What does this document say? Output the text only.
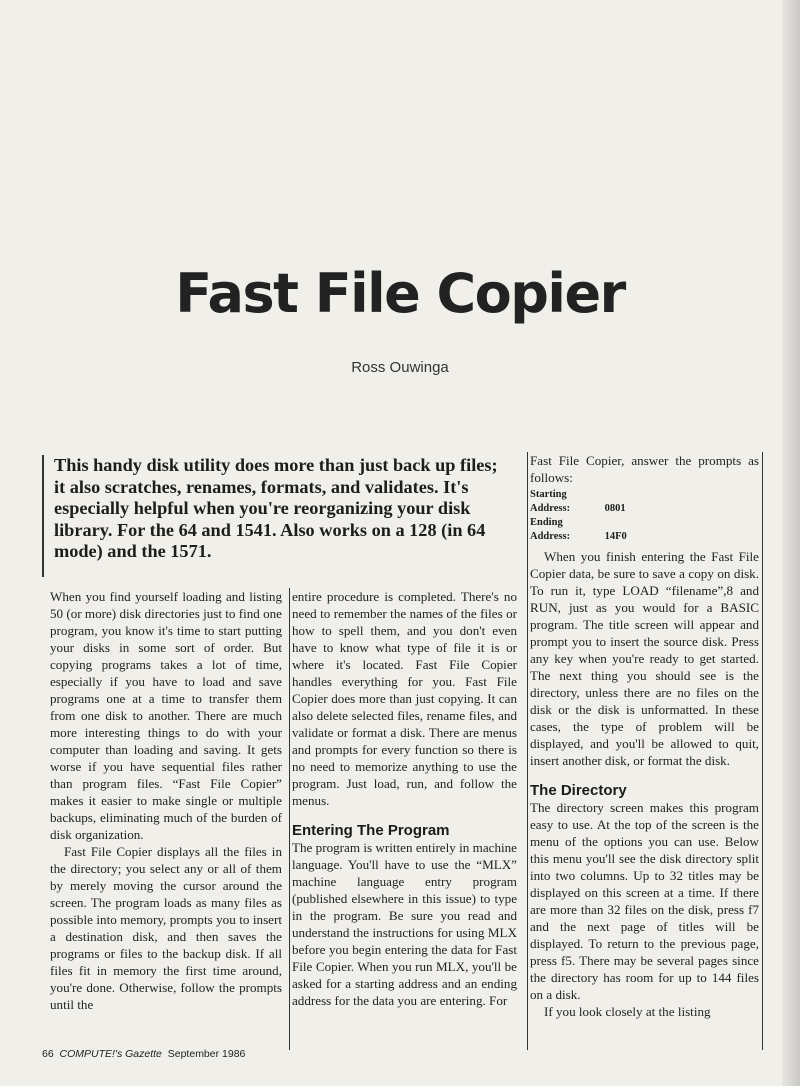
Fast File Copier
Ross Ouwinga

This handy disk utility does more than just back up files; it also scratches, renames, formats, and validates. It's especially helpful when you're reorganizing your disk library. For the 64 and 1541. Also works on a 128 (in 64 mode) and the 1571.

When you find yourself loading and listing 50 (or more) disk directories just to find one program, you know it's time to start putting your disks in some sort of order. But copying programs takes a lot of time, especially if you have to load and save programs one at a time to transfer them from one disk to another. There are much more interesting things to do with your computer than loading and saving. It gets worse if you have sequential files rather than program files. “Fast File Copier” makes it easier to make single or multiple backups, eliminating much of the burden of disk organization.

Fast File Copier displays all the files in the directory; you select any or all of them by merely moving the cursor around the screen. The program loads as many files as possible into memory, prompts you to insert a destination disk, and then saves the programs or files to the backup disk. If all files fit in memory the first time around, you're done. Otherwise, follow the prompts until the

entire procedure is completed. There's no need to remember the names of the files or how to spell them, and you don't even have to know what type of file it is or where it's located. Fast File Copier handles everything for you. Fast File Copier does more than just copying. It can also delete selected files, rename files, and validate or format a disk. There are menus and prompts for every function so there is no need to memorize anything to use the program. Just load, run, and follow the menus.

Entering The Program

The program is written entirely in machine language. You'll have to use the “MLX” machine language entry program (published elsewhere in this issue) to type in the program. Be sure you read and understand the instructions for using MLX before you begin entering the data for Fast File Copier. When you run MLX, you'll be asked for a starting address and an ending address for the data you are entering. For

Fast File Copier, answer the prompts as follows:

Starting Address:	0801
Ending Address:	14F0

When you finish entering the Fast File Copier data, be sure to save a copy on disk. To run it, type LOAD “filename”,8 and RUN, just as you would for a BASIC program. The title screen will appear and prompt you to insert the source disk. Press any key when you're ready to get started. The next thing you should see is the directory, unless there are no files on the disk or the disk is unformatted. In these cases, the type of problem will be displayed, and you'll be allowed to quit, insert another disk, or format the disk.

The Directory

The directory screen makes this program easy to use. At the top of the screen is the menu of the options you can use. Below this menu you'll see the disk directory split into two columns. Up to 32 titles may be displayed on this screen at a time. If there are more than 32 files on the disk, press f7 and the next page of titles will be displayed. To return to the previous page, press f5. There may be several pages since the directory has room for up to 144 files on a disk.

If you look closely at the listing

66 COMPUTE!'s Gazette September 1986
